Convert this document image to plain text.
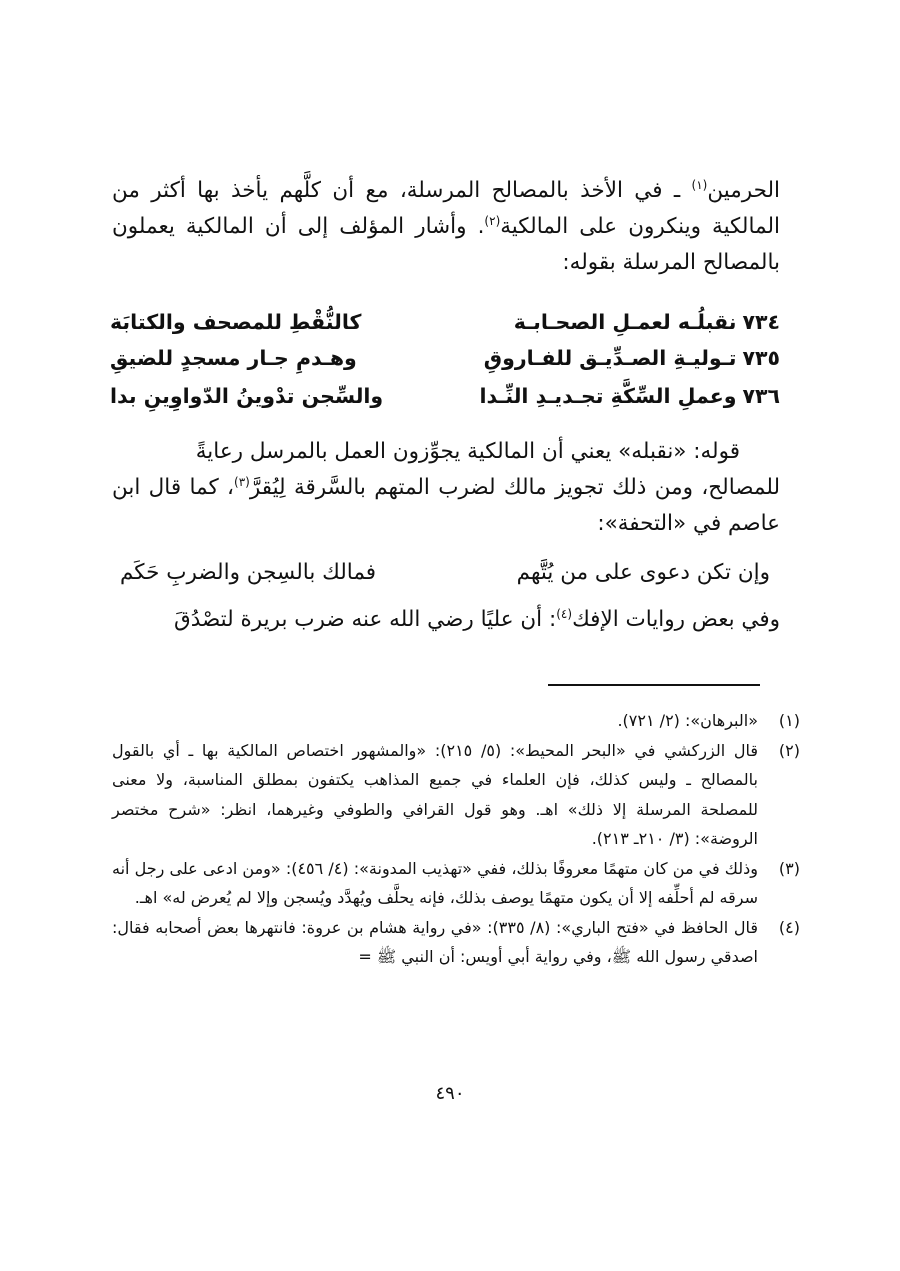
الحرمين$^{(١)}$ ـ في الأخذ بالمصالح المرسلة، مع أن كلَّهم يأخذ بها أكثر من المالكية وينكرون على المالكية$^{(٢)}$. وأشار المؤلف إلى أن المالكية يعملون بالمصالح المرسلة بقوله:

٧٣٤نقبلُـه لعمـلِ الصحـابـة
كالنُّقْطِ للمصحف والكتابَة
٧٣٥تـوليـةِ الصـدِّيـق للفـاروقِ
وهـدمِ جـار مسجدٍ للضيقِ
٧٣٦وعملِ السِّكَّةِ تجـديـدِ النِّـدا
والسِّجن تدْوينُ الدّواوِينِ بدا

قوله: «نقبله» يعني أن المالكية يجوِّزون العمل بالمرسل رعايةً للمصالح، ومن ذلك تجويز مالك لضرب المتهم بالسَّرقة لِيُقرَّ$^{(٣)}$، كما قال ابن عاصم في «التحفة»:

وإن تكن دعوى على من يُتَّهم
فمالك بالسِجن والضربِ حَكَم
وفي بعض روايات الإفك$^{(٤)}$: أن عليًا رضي الله عنه ضرب بريرة لتصْدُقَ
(١)
«البرهان»: (٢/ ٧٢١).
(٢)
قال الزركشي في «البحر المحيط»: (٥/ ٢١٥): «والمشهور اختصاص المالكية بها ـ أي بالقول بالمصالح ـ وليس كذلك، فإن العلماء في جميع المذاهب يكتفون بمطلق المناسبة، ولا معنى للمصلحة المرسلة إلا ذلك» اهـ. وهو قول القرافي والطوفي وغيرهما، انظر: «شرح مختصر الروضة»: (٣/ ٢١٠ـ ٢١٣).
(٣)
وذلك في من كان متهمًا معروفًا بذلك، ففي «تهذيب المدونة»: (٤/ ٤٥٦): «ومن ادعى على رجل أنه سرقه لم أحلِّفه إلا أن يكون متهمًا يوصف بذلك، فإنه يحلَّف ويُهدَّد ويُسجن وإلا لم يُعرض له» اهـ.
(٤)
قال الحافظ في «فتح الباري»: (٨/ ٣٣٥): «في رواية هشام بن عروة: فانتهرها بعض أصحابه فقال: اصدقي رسول الله ﷺ، وفي رواية أبي أويس: أن النبي ﷺ =
٤٩٠
